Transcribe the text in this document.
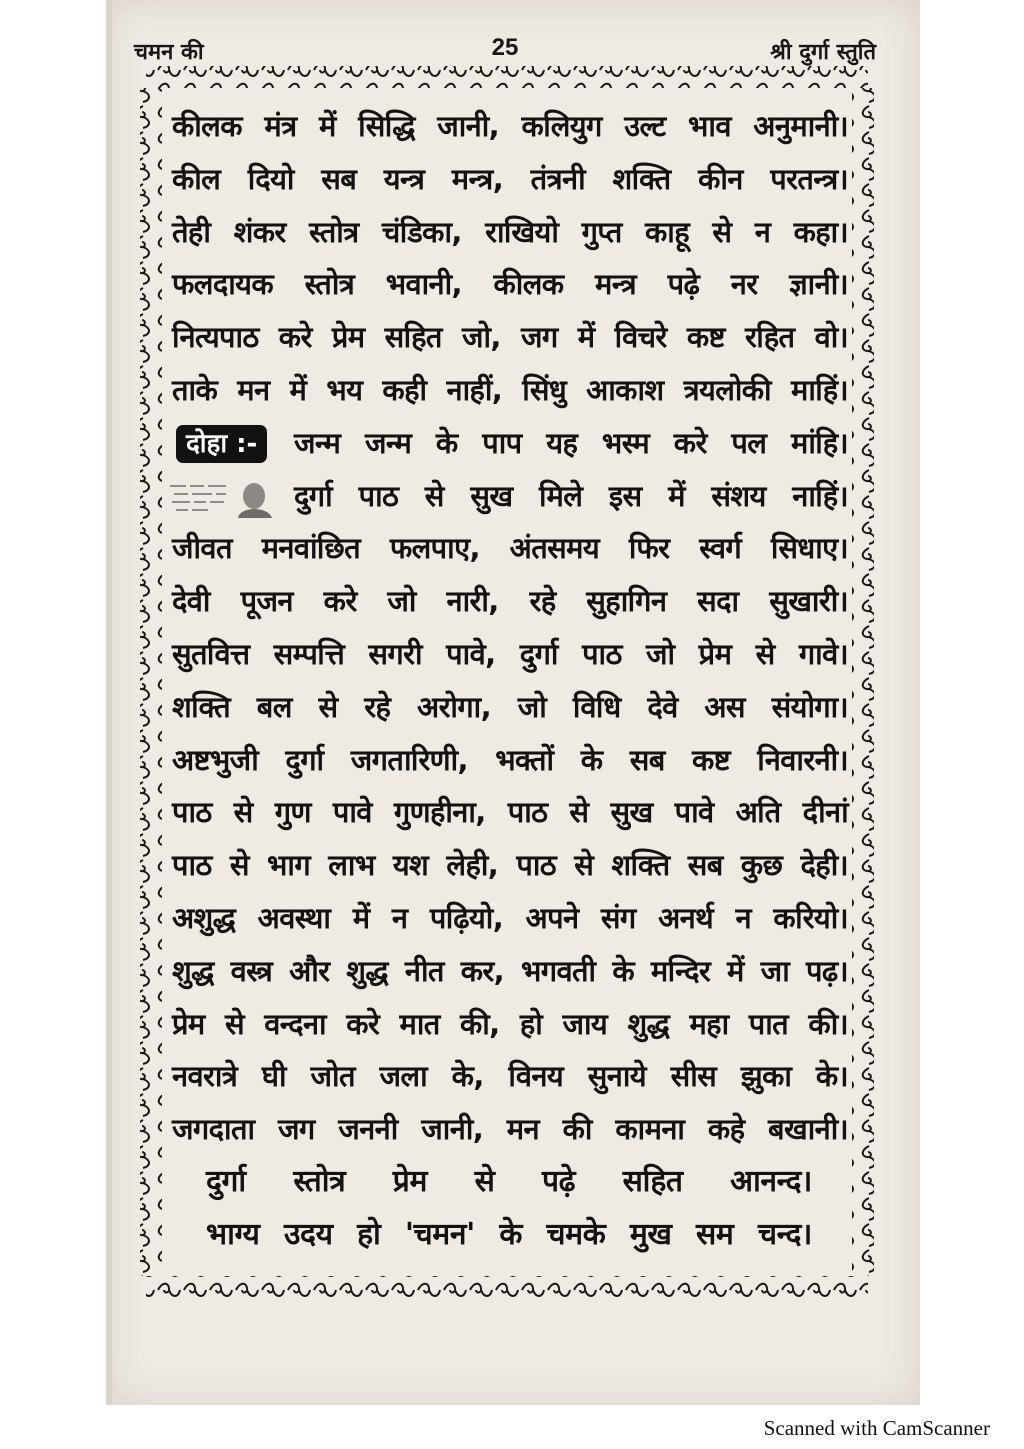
चमन की	25	श्री दुर्गा स्तुति
कीलक मंत्र में सिद्धि जानी, कलियुग उल्ट भाव अनुमानी।
कील दियो सब यन्त्र मन्त्र, तंत्रनी शक्ति कीन परतन्त्र।
तेही शंकर स्तोत्र चंडिका, राखियो गुप्त काहू से न कहा।
फलदायक स्तोत्र भवानी, कीलक मन्त्र पढ़े नर ज्ञानी।
नित्यपाठ करे प्रेम सहित जो, जग में विचरे कष्ट रहित वो।
ताके मन में भय कही नाहीं, सिंधु आकाश त्रयलोकी माहिं।
दोहा :-	जन्म जन्म के पाप यह भस्म करे पल मांहि।
दुर्गा पाठ से सुख मिले इस में संशय नाहिं।
जीवत मनवांछित फलपाए, अंतसमय फिर स्वर्ग सिधाए।
देवी पूजन करे जो नारी, रहे सुहागिन सदा सुखारी।
सुतवित्त सम्पत्ति सगरी पावे, दुर्गा पाठ जो प्रेम से गावे।
शक्ति बल से रहे अरोगा, जो विधि देवे अस संयोगा।
अष्टभुजी दुर्गा जगतारिणी, भक्तों के सब कष्ट निवारनी।
पाठ से गुण पावे गुणहीना, पाठ से सुख पावे अति दीनां
पाठ से भाग लाभ यश लेही, पाठ से शक्ति सब कुछ देही।
अशुद्ध अवस्था में न पढ़ियो, अपने संग अनर्थ न करियो।
शुद्ध वस्त्र और शुद्ध नीत कर, भगवती के मन्दिर में जा पढ़।
प्रेम से वन्दना करे मात की, हो जाय शुद्ध महा पात की।
नवरात्रे घी जोत जला के, विनय सुनाये सीस झुका के।
जगदाता जग जननी जानी, मन की कामना कहे बखानी।
दुर्गा स्तोत्र प्रेम से पढ़े सहित आनन्द।
भाग्य उदय हो 'चमन' के चमके मुख सम चन्द।
Scanned with CamScanner
